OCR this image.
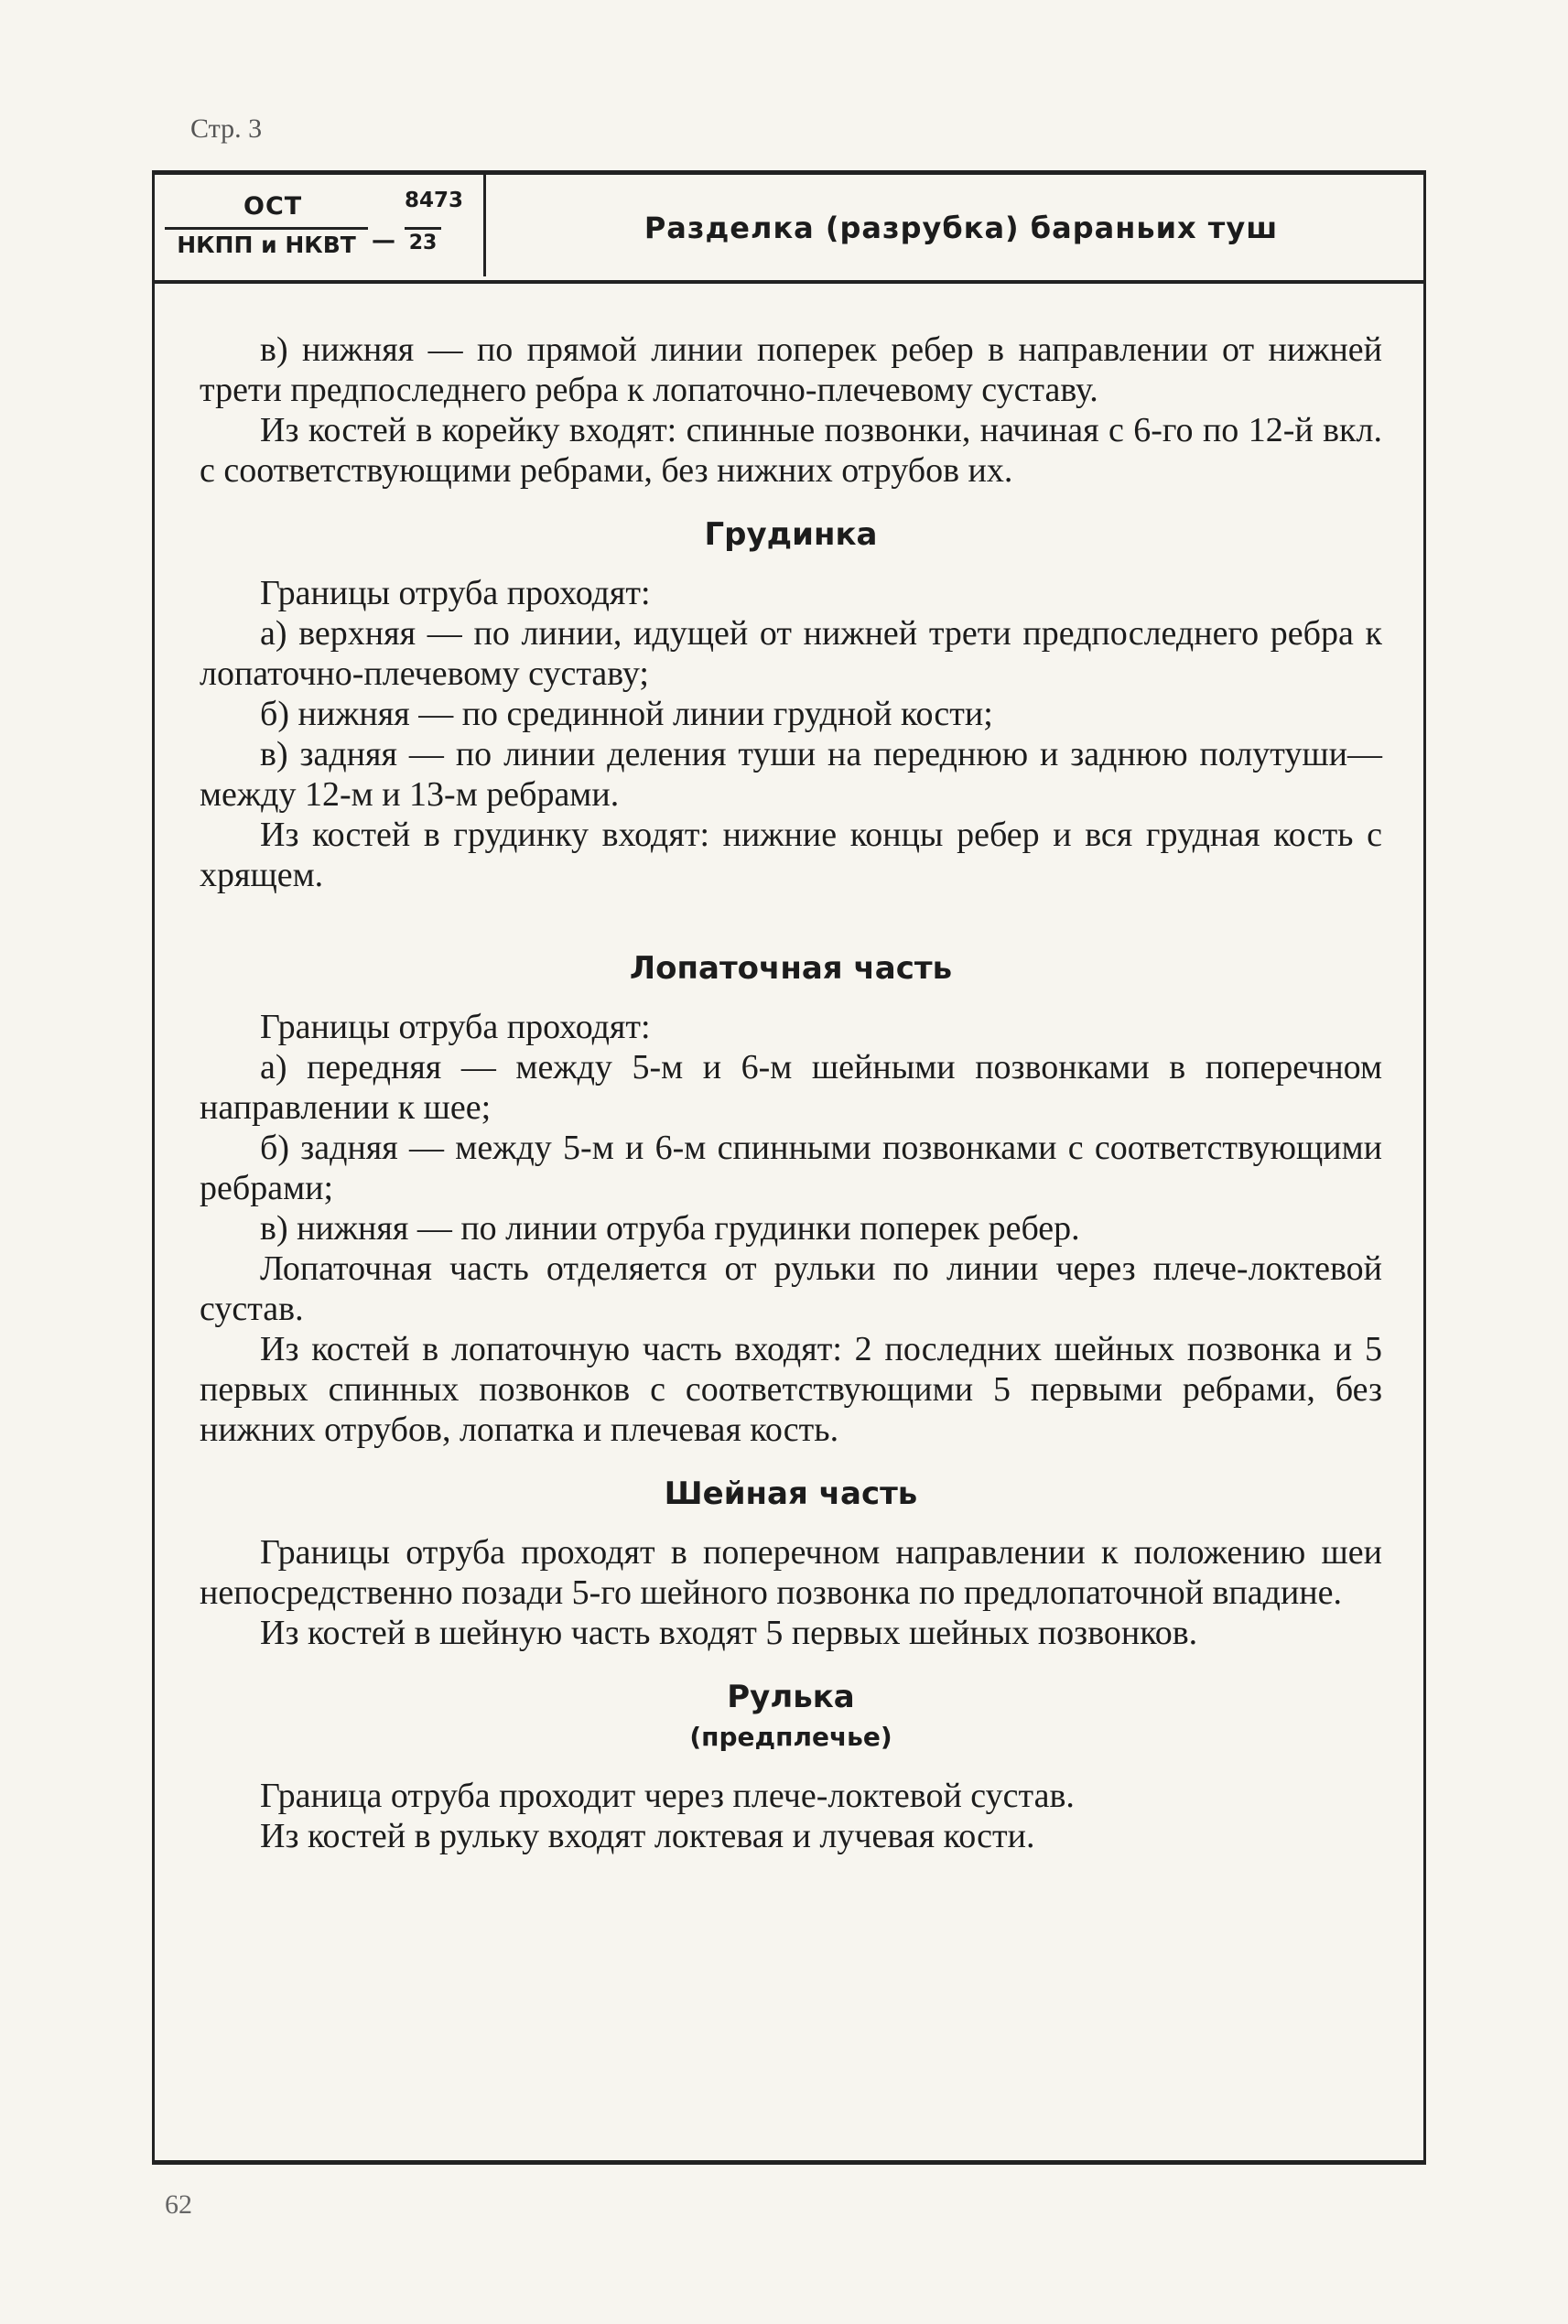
Стр. 3
ОСТ
НКПП и НКВТ —
8473
23	Разделка (разрубка) бараньих туш

в) нижняя — по прямой линии поперек ребер в направлении от нижней трети предпоследнего ребра к лопаточно-плечевому суставу.

Из костей в корейку входят: спинные позвонки, начиная с 6-го по 12-й вкл. с соответствующими ребрами, без нижних отрубов их.

Грудинка

Границы отруба проходят:

а) верхняя — по линии, идущей от нижней трети предпоследнего ребра к лопаточно-плечевому суставу;

б) нижняя — по срединной линии грудной кости;

в) задняя — по линии деления туши на переднюю и заднюю полутуши—между 12-м и 13-м ребрами.

Из костей в грудинку входят: нижние концы ребер и вся грудная кость с хрящем.

Лопаточная часть

Границы отруба проходят:

а) передняя — между 5-м и 6-м шейными позвонками в поперечном направлении к шее;

б) задняя — между 5-м и 6-м спинными позвонками с соответствующими ребрами;

в) нижняя — по линии отруба грудинки поперек ребер.

Лопаточная часть отделяется от рульки по линии через плече-локтевой сустав.

Из костей в лопаточную часть входят: 2 последних шейных позвонка и 5 первых спинных позвонков с соответствующими 5 первыми ребрами, без нижних отрубов, лопатка и плечевая кость.

Шейная часть

Границы отруба проходят в поперечном направлении к положению шеи непосредственно позади 5-го шейного позвонка по предлопаточной впадине.

Из костей в шейную часть входят 5 первых шейных позвонков.

Рулька
(предплечье)

Граница отруба проходит через плече-локтевой сустав.

Из костей в рульку входят локтевая и лучевая кости.

62
